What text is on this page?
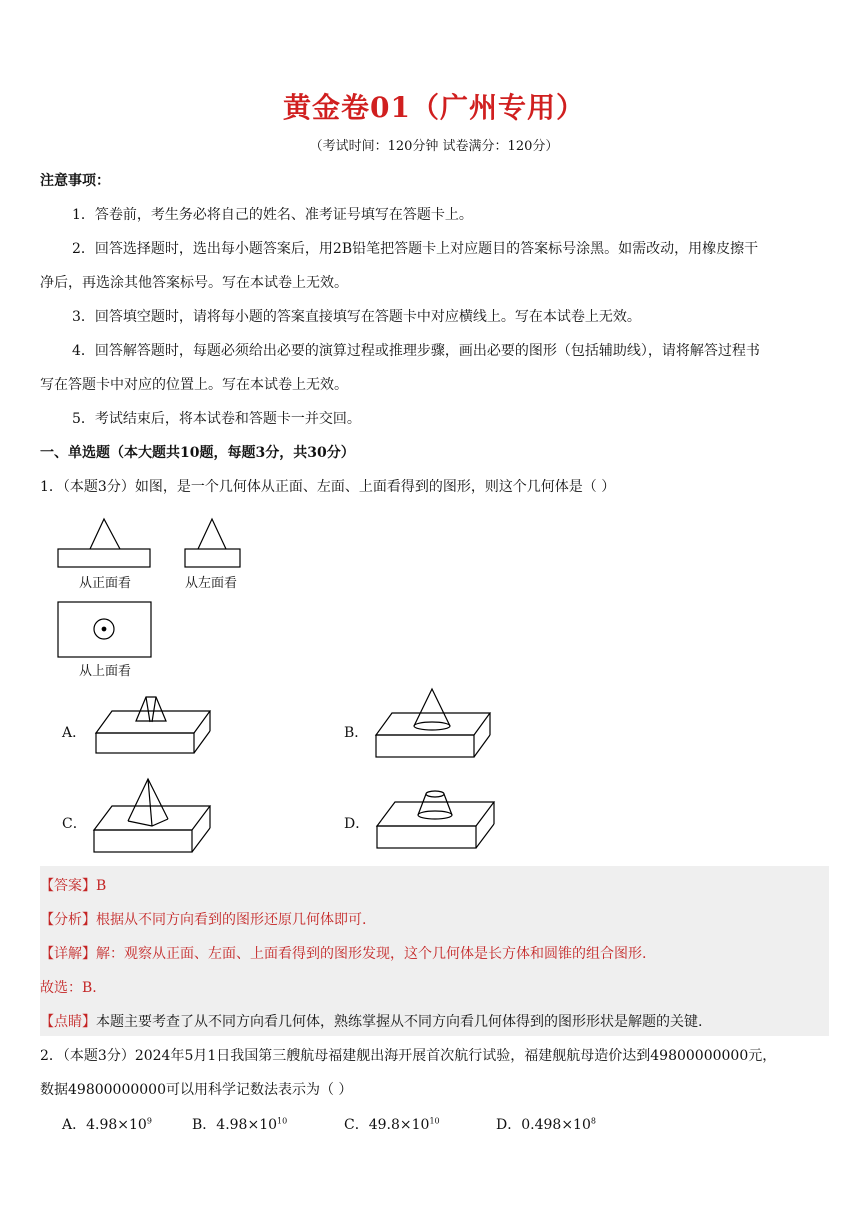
黄金卷01（广州专用）
（考试时间：120分钟 试卷满分：120分）
注意事项：
1．答卷前，考生务必将自己的姓名、准考证号填写在答题卡上。
2．回答选择题时，选出每小题答案后，用2B铅笔把答题卡上对应题目的答案标号涂黑。如需改动，用橡皮擦干
净后，再选涂其他答案标号。写在本试卷上无效。
3．回答填空题时，请将每小题的答案直接填写在答题卡中对应横线上。写在本试卷上无效。
4．回答解答题时，每题必须给出必要的演算过程或推理步骤，画出必要的图形（包括辅助线），请将解答过程书
写在答题卡中对应的位置上。写在本试卷上无效。
5．考试结束后，将本试卷和答题卡一并交回。
一、单选题（本大题共10题，每题3分，共30分）
1．（本题3分）如图，是一个几何体从正面、左面、上面看得到的图形，则这个几何体是（ ）
从正面看	从左面看
从上面看
A．	B．
C．	D．
【答案】B
【分析】根据从不同方向看到的图形还原几何体即可.
【详解】解：观察从正面、左面、上面看得到的图形发现，这个几何体是长方体和圆锥的组合图形.
故选：B.
【点睛】本题主要考查了从不同方向看几何体，熟练掌握从不同方向看几何体得到的图形形状是解题的关键.
2．（本题3分）2024年5月1日我国第三艘航母福建舰出海开展首次航行试验，福建舰航母造价达到49800000000元，
数据49800000000可以用科学记数法表示为（ ）
A．$4.98\times 10^9$	B．$4.98\times 10^{10}$	C．$49.8\times 10^{10}$	D．$0.498\times 10^8$
